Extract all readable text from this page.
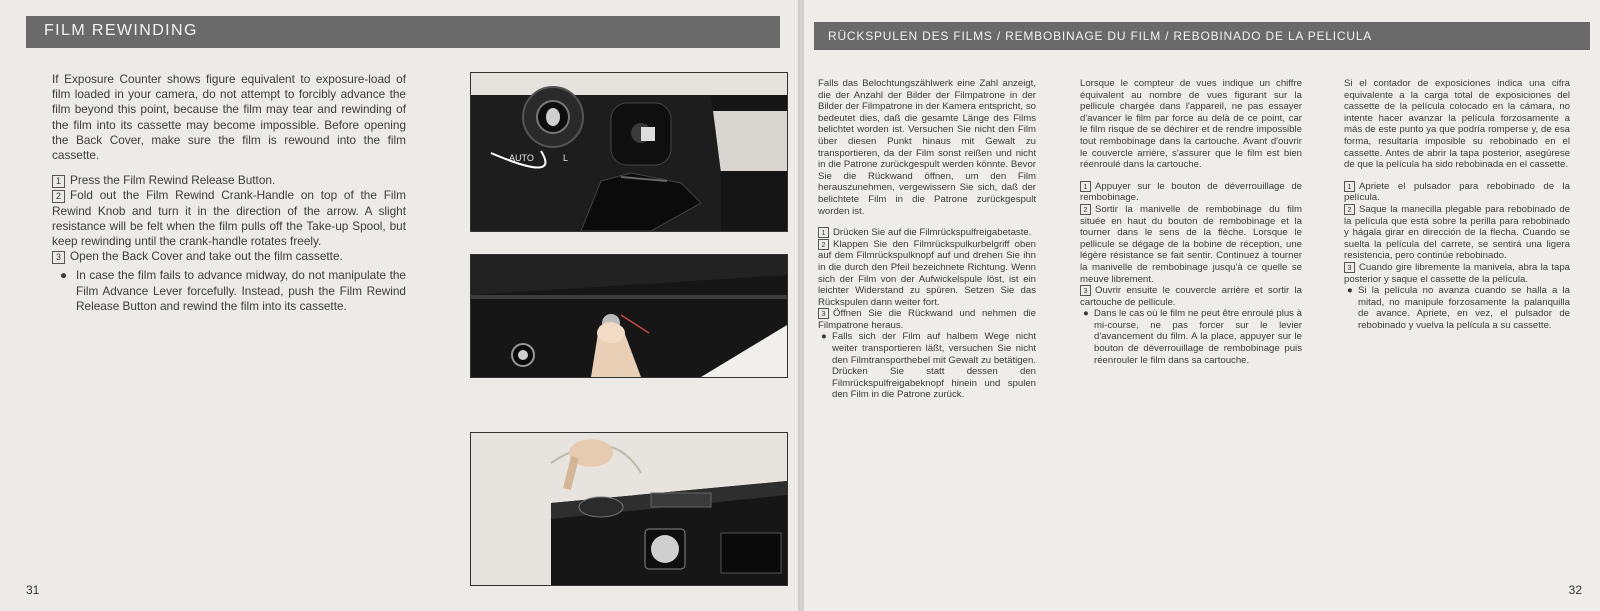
FILM REWINDING

If Exposure Counter shows figure equivalent to exposure-load of film loaded in your camera, do not attempt to forcibly advance the film beyond this point, because the film may tear and rewinding of the film into its cassette may become impossible. Before opening the Back Cover, make sure the film is rewound into the film cassette.

1 Press the Film Rewind Release Button.

2 Fold out the Film Rewind Crank-Handle on top of the Film Rewind Knob and turn it in the direction of the arrow. A slight resistance will be felt when the film pulls off the Take-up Spool, but keep rewinding until the crank-handle rotates freely.

3 Open the Back Cover and take out the film cassette.

● In case the film fails to advance midway, do not manipulate the Film Advance Lever forcefully. Instead, push the Film Rewind Release Button and rewind the film into its cassette.
AUTO	L
31
RÜCKSPULEN DES FILMS / REMBOBINAGE DU FILM / REBOBINADO DE LA PELICULA

Falls das Belochtungszählwerk eine Zahl anzeigt, die der Anzahl der Bilder der Filmpatrone in der Bilder der Filmpatrone in der Kamera entspricht, so bedeutet dies, daß die gesamte Länge des Films belichtet worden ist. Versuchen Sie nicht den Film über diesen Punkt hinaus mit Gewalt zu transportieren, da der Film sonst reißen und nicht in die Patrone zurückgespult werden könnte. Bevor Sie die Rückwand öffnen, um den Film herauszunehmen, vergewissern Sie sich, daß der belichtete Film in die Patrone zurückgespult worden ist.

1 Drücken Sie auf die Filmrückspulfreigabetaste.

2 Klappen Sie den Filmrückspulkurbelgriff oben auf dem Filmrückspulknopf auf und drehen Sie ihn in die durch den Pfeil bezeichnete Richtung. Wenn sich der Film von der Aufwickelspule löst, ist ein leichter Widerstand zu spüren. Setzen Sie das Rückspulen dann weiter fort.

3 Öffnen Sie die Rückwand und nehmen die Filmpatrone heraus.

● Falls sich der Film auf halbem Wege nicht weiter transportieren läßt, versuchen Sie nicht den Filmtransporthebel mit Gewalt zu betätigen. Drücken Sie statt dessen den Filmrückspulfreigabeknopf hinein und spulen den Film in die Patrone zurück.

Lorsque le compteur de vues indique un chiffre équivalent au nombre de vues figurant sur la pellicule chargée dans l'appareil, ne pas essayer d'avancer le film par force au delà de ce point, car le film risque de se déchirer et de rendre impossible tout rembobinage dans la cartouche. Avant d'ouvrir le couvercle arrière, s'assurer que le film est bien réenroulé dans la cartouche.

1 Appuyer sur le bouton de déverrouillage de rembobinage.

2 Sortir la manivelle de rembobinage du film située en haut du bouton de rembobinage et la tourner dans le sens de la flèche. Lorsque le pellicule se dégage de la bobine de réception, une légère résistance se fait sentir. Continuez à tourner la manivelle de rembobinage jusqu'à ce quelle se meuve librement.

3 Ouvrir ensuite le couvercle arrière et sortir la cartouche de pellicule.

● Dans le cas où le film ne peut être enroulé plus à mi-course, ne pas forcer sur le levier d'avancement du film. A la place, appuyer sur le bouton de déverrouillage de rembobinage puis réenrouler le film dans sa cartouche.

Si el contador de exposiciones indica una cifra equivalente a la carga total de exposiciones del cassette de la película colocado en la cámara, no intente hacer avanzar la película forzosamente a más de este punto ya que podría romperse y, de esa forma, resultaría imposible su rebobinado en el cassette. Antes de abrir la tapa posterior, asegúrese de que la película ha sido rebobinada en el cassette.

1 Apriete el pulsador para rebobinado de la película.

2 Saque la manecilla plegable para rebobinado de la película que está sobre la perilla para rebobinado y hágala girar en dirección de la flecha. Cuando se suelta la película del carrete, se sentirá una ligera resistencia, pero continúe rebobinado.

3 Cuando gire libremente la manivela, abra la tapa posterior y saque el cassette de la película.

● Si la película no avanza cuando se halla a la mitad, no manipule forzosamente la palanquilla de avance. Apriete, en vez, el pulsador de rebobinado y vuelva la película a su cassette.
32
